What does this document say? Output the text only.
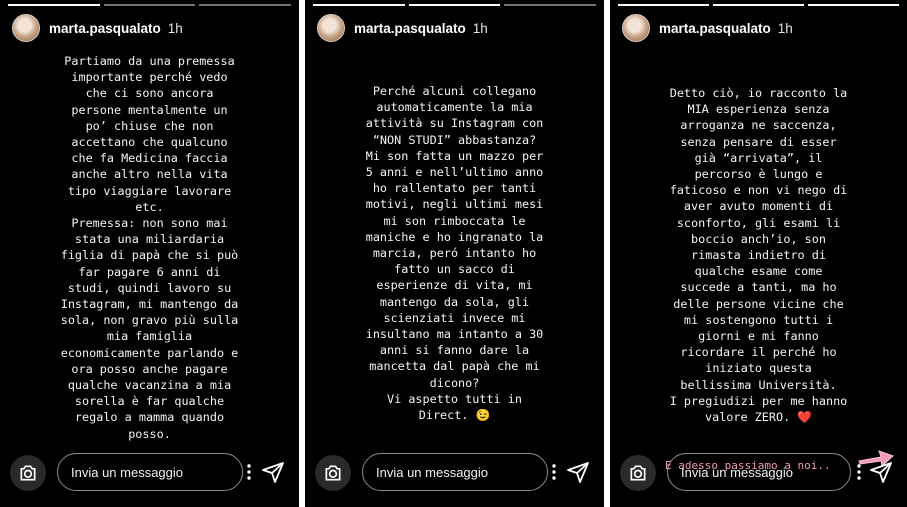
marta.pasqualato 1h
Partiamo da una premessa
importante perché vedo
che ci sono ancora
persone mentalmente un
po’ chiuse che non
accettano che qualcuno
che fa Medicina faccia
anche altro nella vita
tipo viaggiare lavorare
etc.
Premessa: non sono mai
stata una miliardaria
figlia di papà che si può
far pagare 6 anni di
studi, quindi lavoro su
Instagram, mi mantengo da
sola, non gravo più sulla
mia famiglia
economicamente parlando e
ora posso anche pagare
qualche vacanzina a mia
sorella è far qualche
regalo a mamma quando
posso.
Invia un messaggio
marta.pasqualato 1h
Perché alcuni collegano
automaticamente la mia
attività su Instagram con
“NON STUDI” abbastanza?
Mi son fatta un mazzo per
5 anni e nell’ultimo anno
ho rallentato per tanti
motivi, negli ultimi mesi
mi son rimboccata le
maniche e ho ingranato la
marcia, peró intanto ho
fatto un sacco di
esperienze di vita, mi
mantengo da sola, gli
scienziati invece mi
insultano ma intanto a 30
anni si fanno dare la
mancetta dal papà che mi
dicono?
Vi aspetto tutti in
Direct. 😉
Invia un messaggio
marta.pasqualato 1h
Detto ciò, io racconto la
MIA esperienza senza
arroganza ne saccenza,
senza pensare di esser
già “arrivata”, il
percorso è lungo e
faticoso e non vi nego di
aver avuto momenti di
sconforto, gli esami li
boccio anch’io, son
rimasta indietro di
qualche esame come
succede a tanti, ma ho
delle persone vicine che
mi sostengono tutti i
giorni e mi fanno
ricordare il perché ho
iniziato questa
bellissima Università.
I pregiudizi per me hanno
valore ZERO. ❤️
E adesso passiamo a noi..
Invia un messaggio
